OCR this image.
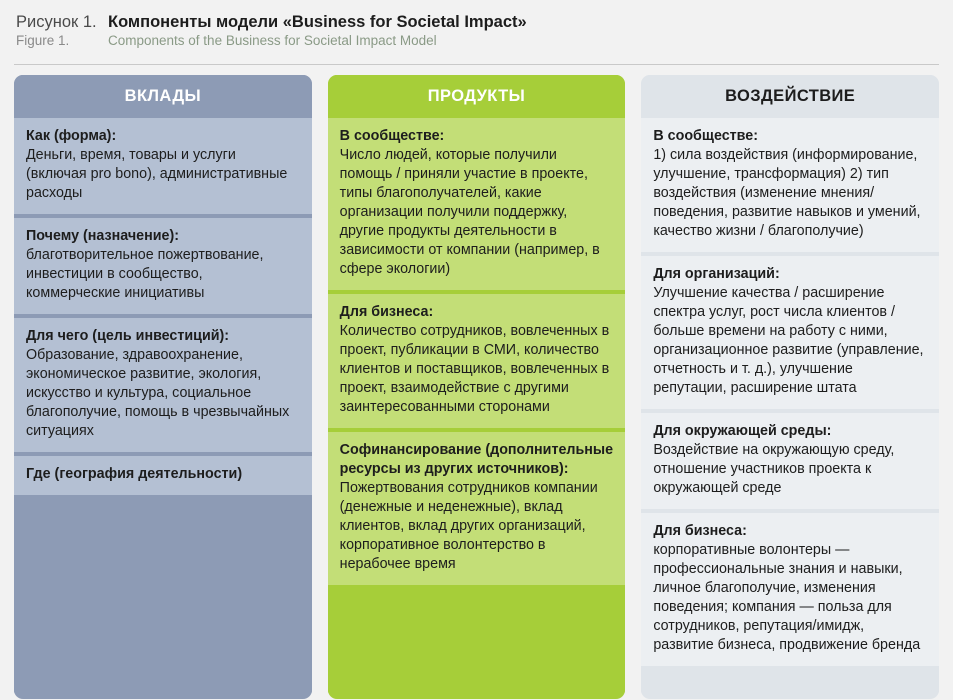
Рисунок 1. Компоненты модели «Business for Societal Impact»
Figure 1.	Components of the Business for Societal Impact Model
ВКЛАДЫ
Как (форма):
Деньги, время, товары и услуги (включая pro bono), административные расходы
Почему (назначение):
благотворительное пожертвование, инвестиции в сообщество, коммерческие инициативы
Для чего (цель инвестиций):
Образование, здравоохранение, экономическое развитие, экология, искусство и культура, социальное благополучие, помощь в чрезвычайных ситуациях
Где (география деятельности)
ПРОДУКТЫ
В сообществе:
Число людей, которые получили помощь / приняли участие в проекте, типы благополучателей, какие организации получили поддержку, другие продукты деятельности в зависимости от компании (например, в сфере экологии)
Для бизнеса:
Количество сотрудников, вовлеченных в проект, публикации в СМИ, количество клиентов и поставщиков, вовлеченных в проект, взаимодействие с другими заинтересованными сторонами
Софинансирование (дополнительные ресурсы из других источников):
Пожертвования сотрудников компании (денежные и неденежные), вклад клиентов, вклад других организаций, корпоративное волонтерство в нерабочее время
ВОЗДЕЙСТВИЕ
В сообществе:
1) сила воздействия (информирование, улучшение, трансформация) 2) тип воздействия (изменение мнения/поведения, развитие навыков и умений, качество жизни / благополучие)
Для организаций:
Улучшение качества / расширение спектра услуг, рост числа клиентов / больше времени на работу с ними, организационное развитие (управление, отчетность и т. д.), улучшение репутации, расширение штата
Для окружающей среды:
Воздействие на окружающую среду, отношение участников проекта к окружающей среде
Для бизнеса:
корпоративные волонтеры — профессиональные знания и навыки, личное благополучие, изменения поведения; компания — польза для сотрудников, репутация/имидж, развитие бизнеса, продвижение бренда
